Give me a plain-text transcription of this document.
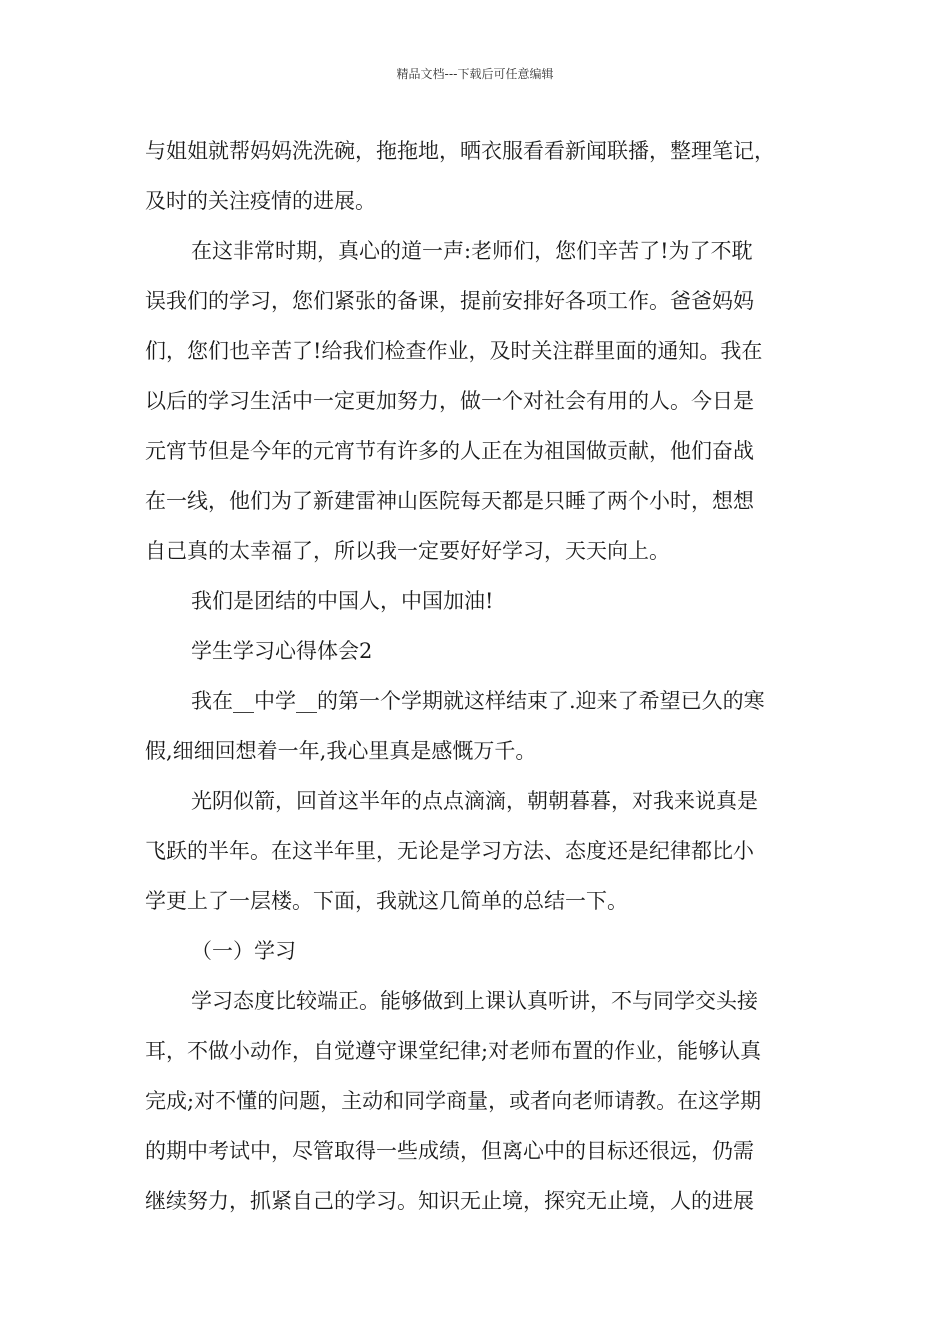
精品文档---下载后可任意编辑
与姐姐就帮妈妈洗洗碗，拖拖地，晒衣服看看新闻联播，整理笔记，
及时的关注疫情的进展。
在这非常时期，真心的道一声:老师们，您们辛苦了!为了不耽
误我们的学习，您们紧张的备课，提前安排好各项工作。爸爸妈妈
们，您们也辛苦了!给我们检查作业，及时关注群里面的通知。我在
以后的学习生活中一定更加努力，做一个对社会有用的人。今日是
元宵节但是今年的元宵节有许多的人正在为祖国做贡献，他们奋战
在一线，他们为了新建雷神山医院每天都是只睡了两个小时，想想
自己真的太幸福了，所以我一定要好好学习，天天向上。
我们是团结的中国人，中国加油!
学生学习心得体会2
我在__中学__的第一个学期就这样结束了.迎来了希望已久的寒
假,细细回想着一年,我心里真是感慨万千。
光阴似箭，回首这半年的点点滴滴，朝朝暮暮，对我来说真是
飞跃的半年。在这半年里，无论是学习方法、态度还是纪律都比小
学更上了一层楼。下面，我就这几简单的总结一下。
（一）学习
学习态度比较端正。能够做到上课认真听讲，不与同学交头接
耳，不做小动作，自觉遵守课堂纪律;对老师布置的作业，能够认真
完成;对不懂的问题，主动和同学商量，或者向老师请教。在这学期
的期中考试中，尽管取得一些成绩，但离心中的目标还很远，仍需
继续努力，抓紧自己的学习。知识无止境，探究无止境，人的进展
